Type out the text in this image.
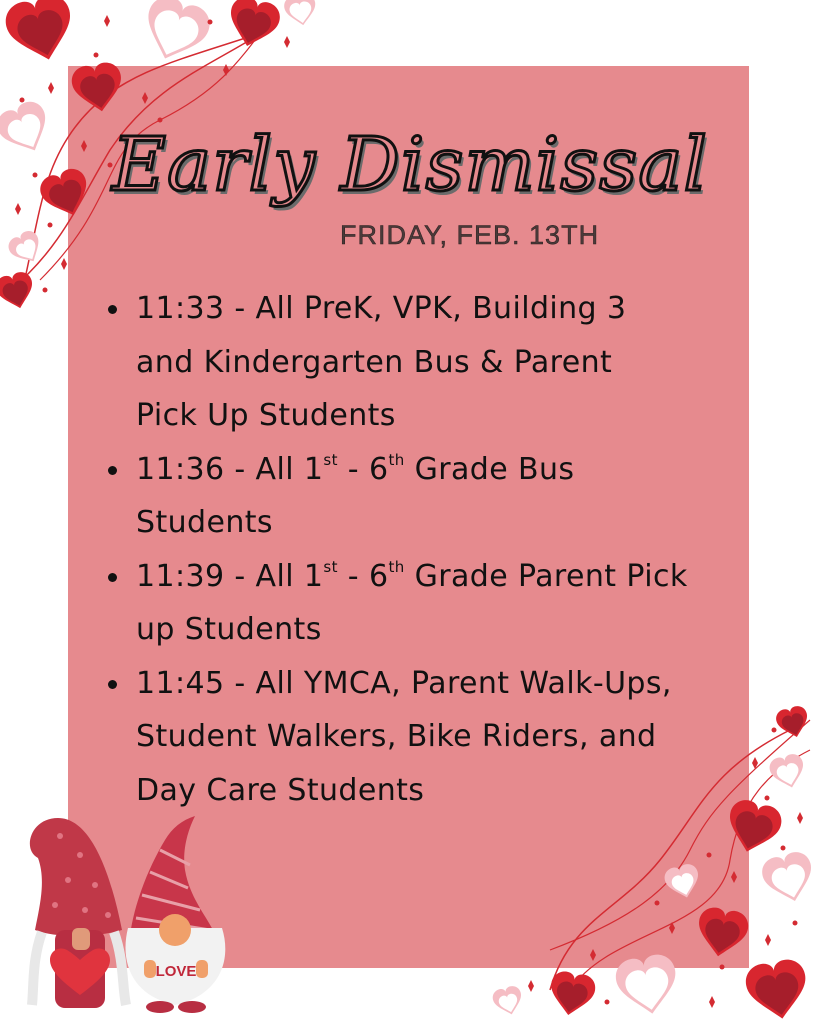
LOVE
Early Dismissal
FRIDAY, FEB. 13TH
11:33 - All PreK, VPK, Building 3
and Kindergarten Bus & Parent
Pick Up Students
11:36 - All 1st - 6th Grade Bus
Students
11:39 - All 1st - 6th Grade Parent Pick
up Students
11:45 - All YMCA, Parent Walk-Ups,
Student Walkers, Bike Riders, and
Day Care Students
